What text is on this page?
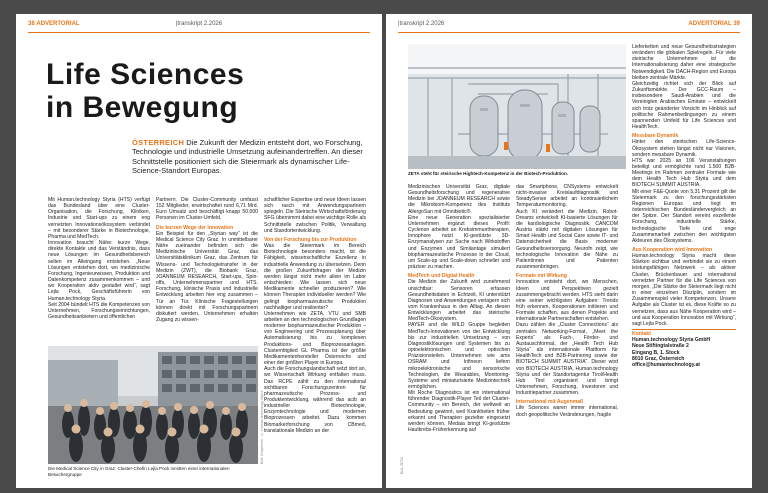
38 ADVERTORIAL	|transkript 2.2026
Life Sciences
in Bewegung

ÖSTERREICH Die Zukunft der Medizin entsteht dort, wo Forschung, Technologie und industrielle Umsetzung aufeinandertreffen. An dieser Schnittstelle positioniert sich die Steiermark als dynamischer Life-Science-Standort Europas.

Mit Human.technology Styria (HTS) verfügt das Bundesland über eine Cluster-Organisation, die Forschung, Kliniken, Industrie und Start-ups zu einem eng vernetzten Innovationsökosystem verbindet – mit besonderer Stärke in Biotechnologie, Pharma und MedTech.

Innovation braucht Nähe: kurze Wege, direkte Kontakte und das Verständnis, dass neue Lösungen im Gesundheitsbereich selten im Alleingang entstehen. „Neue Lösungen entstehen dort, wo medizinische Forschung, Ingenieurwissen, Produktion und Datenkompetenz zusammenkommen – und wo Kooperation aktiv gestaltet wird“, sagt Lejla Pock, Geschäftsführerin von Human.technology Styria.

Seit 2004 bündelt HTS die Kompetenzen von Unternehmen, Forschungseinrichtungen, Gesundheitsanbietern und öffentlichen

Partnern. Die Cluster-Community umfasst 152 Mitglieder, erwirtschaftet rund 6,71 Mrd. Euro Umsatz und beschäftigt knapp 50.000 Personen im Cluster-Umfeld.

Die kurzen Wege der Innovation

Ein Beispiel für den „Styrian way“ ist die Medical Science City Graz. In unmittelbarer Nähe zueinander befinden sich die Medizinische Universität Graz, das Universitätsklinikum Graz, das Zentrum für Wissens- und Technologietransfer in der Medizin (ZWT), die Biobank Graz, JOANNEUM RESEARCH, Start-ups, Spin-offs, Unternehmenspartner und HTS. Forschung, klinische Praxis und industrielle Entwicklung arbeiten hier eng zusammen – Tür an Tür. Klinische Fragestellungen können direkt mit Forschungspartnern diskutiert werden, Unternehmen erhalten Zugang zu wissen-

schaftlicher Expertise und neue Ideen lassen sich rasch mit Anwendungspartnern spiegeln. Die Steirische Wirtschaftsförderung SFG übernimmt dabei eine wichtige Rolle als Schnittstelle zwischen Politik, Verwaltung und Standortentwicklung.

Von der Forschung bis zur Produktion

Was die Steiermark im Bereich Biotechnologie besonders macht, ist die Fähigkeit, wissenschaftliche Exzellenz in industrielle Anwendung zu übersetzen. Denn die großen Zukunftsfragen der Medizin werden längst nicht mehr allein im Labor entschieden: Wie lassen sich neue Medikamente schneller produzieren? Wie können Therapien individueller werden? Wie gelingt biopharmazeutische Produktion nachhaltiger und resilienter?

Unternehmen wie ZETA, VTU und SMB arbeiten an den technologischen Grundlagen moderner biopharmazeutischer Produktion – von Engineering und Prozessplanung über Automatisierung bis zu komplexen Produktions- und Bioprozessanlagen. Clusterntitglied GL Pharma ist der größte Medikamentenhersteller Österreichs und einer der größten Player in Europa.

Auch die Forschungslandschaft setzt dort an, wo Wissenschaft Wirkung entfalten muss. Das RCPE zählt zu den international sichtbaren Forschungszentren für pharmazeutische Prozess- und Produktentwicklung, während das acib an industrieller Biotechnologie, Enzymtechnologie und modernen Bioprozessen arbeitet. Dazu kommen Biomarkerforschung von CBmed, translationale Medizin an der

Die Medical Science City in Graz: Cluster-Chefin Lejla Pock inmitten einer internationalen Besuchergruppe
Bild: Grapheme · © Human.technology Styria
|transkript 2.2026	ADVERTORIAL 39
ZETA steht für steirische Hightech-Kompetenz in der Biotech-Produktion.
Bild: ZETA

Medizinischen Universität Graz, digitale Gesundheitsforschung und regenerative Medizin bei JOANNEUM RESEARCH sowie die Mikrobiom-Kompetenz des Instituts AllergoSan mit Omnibiotic®.

Eine neue Generation spezialisierter Unternehmen ergänzt dieses Profil: Cyclerion arbeitet an Krebsimmuntherapien, Innophore nutzt KI-gestützte 3D-Enzymanalysen zur Suche nach Wirkstoffen und Enzymen und Similantage simuliert biopharmazeutische Prozesse in der Cloud, um Scale-up und Scale-down schneller und präziser zu machen.

MedTech und Digital Health

Die Medizin der Zukunft wird zunehmend unsichtbar: Sensoren erfassen Gesundheitsdaten in Echtzeit, KI unterstützt Diagnosen und Anwendungen verlagern sich vom Krankenhaus in den Alltag. An diesen Entwicklungen arbeitet das steirische MedTech-Ökosystem.

PAYER und die WILD Gruppe begleiten MedTech-Innovationen von der Entwicklung bis zur industriellen Umsetzung – von Diagnostiklösungen und Systemen bis zu optoelektronischen und optischen Präzisionsteilen. Unternehmen wie ams OSRAM und Infineon liefern mikroelektronische und sensorische Technologien, die Wearables, Monitoring-Systeme und miniaturisierte Medizintechnik ermöglichen.

Mit Roche Diagnostics ist ein international führender Diagnostik-Player Teil der Cluster-Community – ein Bereich, der weltweit an Bedeutung gewinnt, weil Krankheiten früher erkannt und Therapien gezielter eingesetzt werden können. Medaia bringt KI-gestützte Hautkrebs-Früherkennung auf

das Smartphone, CNSystems entwickelt nicht-invasive Kreislaufdiagnostik und SteadySense arbeitet an kontinuierlichem Temperaturmonitoring.

Auch KI verändert die Medizin. Robot-Dreams entwickelt KI-basierte Lösungen für die kardiologische Diagnostik. CANCOM Austria stärkt mit digitalen Lösungen für Smart Health und Social Care sowie IT- und Datensicherheit die Basis moderner Gesundheitsversorgung. Neurofn zeigt, wie technologische Innovation die Nähe zu Patientinnen und Patienten zusammenbringen.

Formate mit Wirkung

Innovation entsteht dort, wo Menschen, Ideen und Perspektiven gezielt zusammengebracht werden. HTS sieht darin eine seiner wichtigsten Aufgaben: Trends früh erkennen, Kooperationen initiieren und Formate schaffen, aus denen Projekte und internationale Partnerschaften entstehen.

Dazu zählen die „Cluster Connections“ als zentrales Networking-Format, „Meet the Experts“ als Fach-, Förder- und Austauschformat, der „Health Tech Hub Styria“ als internationale Plattform für HealthTech und B2B-Partnering sowie der BIOTECH SUMMIT AUSTRIA“. Dieser wird von BIOTECH AUSTRIA, Human.technology Styria und der Standortagentur Tirol/Health Hub Tirol organisiert und bringt Unternehmen, Forschung, Investoren und Industriepartner zusammen.

International mit Augenmaß

Life Sciences waren immer international, doch geopolitische Veränderungen, fragile

Lieferketten und neue Gesundheitsstrategien verändern die globalen Spielregeln. Für viele steirische Unternehmen ist die Internationalisierung daher eine strategische Notwendigkeit. Die DACH-Region und Europa bleiben zentrale Märkte.

Gleichzeitig richtet sich der Blick auf Zukunftsmärkte. Der GCC-Raum – insbesondere Saudi-Arabien und die Vereinigten Arabischen Emirate – entwickelt sich trotz geänderter Vorsicht im Hinblick auf politische Rahmenbedingungen zu einem spannenden Umfeld für Life Sciences und HealthTech.

Messbare Dynamik

Hinter den steirischen Life-Science-Ökosystem stehen längst nicht nur Visionen, sondern messbare Dynamik.

HTS war 2025 an 106 Veranstaltungen beteiligt und ermöglichte rund 1.500 B2B-Meetings im Rahmen zentraler Formate wie dem Health Tech Hub Styria und dem BIOTECH SUMMIT AUSTRIA.

Mit einer F&E-Quote von 5,31 Prozent gilt die Steiermark zu den forschungsstärksten Regionen Europas und liegt im österreichischen Bundesländervergleich an der Spitze. Der Standort vereint exzellente Forschung, industrielle Stärke, technologische Tiefe und enge Zusammenarbeit zwischen den wichtigsten Akteuren des Ökosystems.

Aus Kooperation wird Innovation

Human.technology Styria macht diese Stärken sichtbar und verbindet sie zu einem leistungsfähigen Netzwerk – als aktiver Cluster, Brückenbauer und international vernetzter Partner für die Life Sciences von morgen. „Die Stärke der Steiermark liegt nicht in einer einzelnen Disziplin, sondern im Zusammenspiel vieler Kompetenzen. Unsere Aufgabe als Cluster ist es, diese Kräfte so zu vernetzen, dass aus Nähe Kooperation wird – und aus Kooperation Innovation mit Wirkung“, sagt Lejla Pock.

Kontakt

Human.technology Styria GmbH

Neue Stiftingtalstraße 2

Eingang B, 1. Stock

8010 Graz, Österreich

office@humantechnology.at
